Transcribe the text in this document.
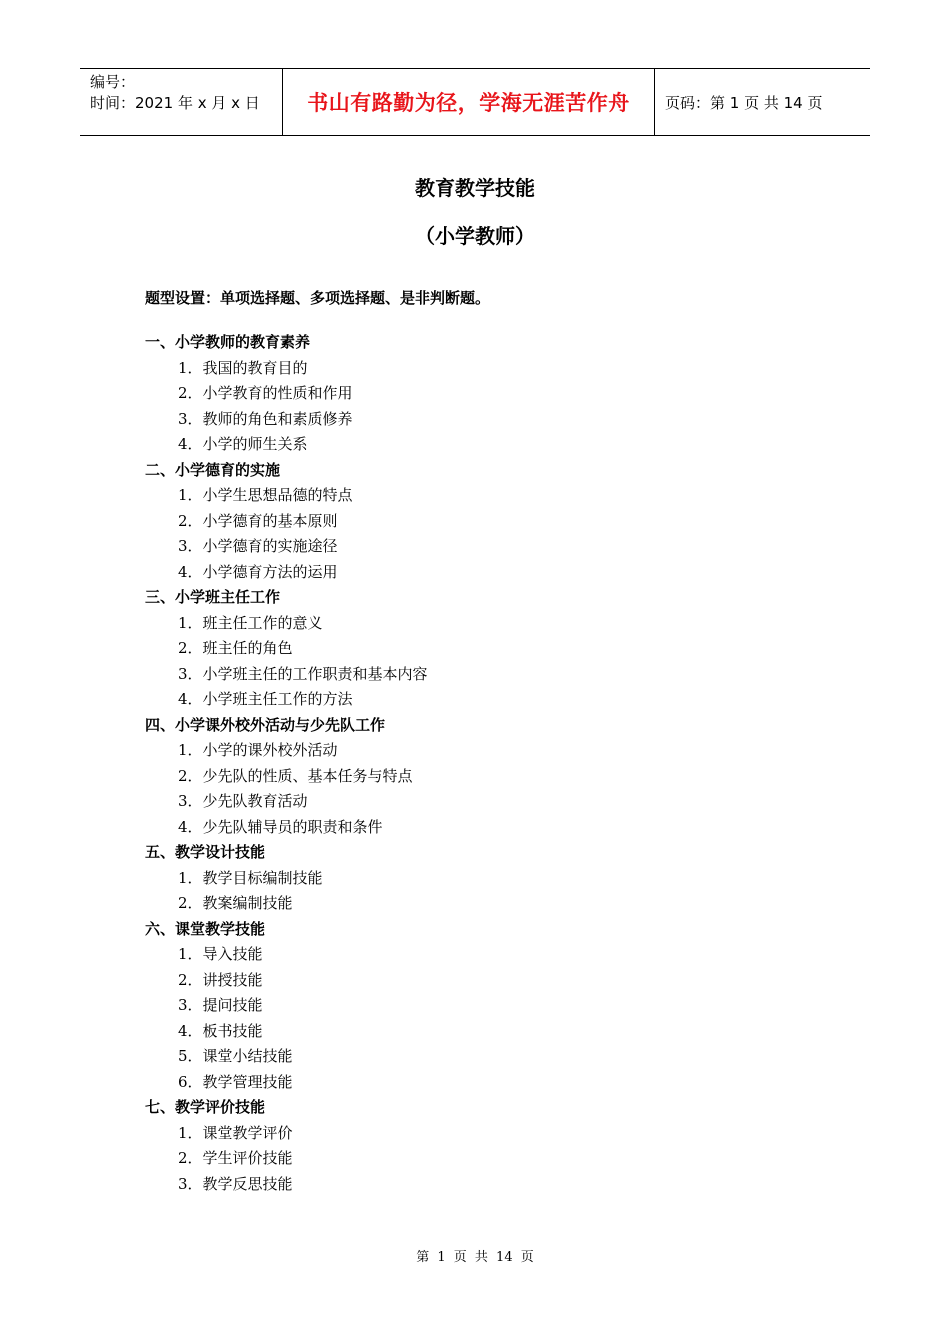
编号：
时间：2021 年 x 月 x 日	书山有路勤为径，学海无涯苦作舟	页码：第 1 页 共 14 页
教育教学技能
（小学教师）
题型设置：单项选择题、多项选择题、是非判断题。
一、小学教师的教育素养
1．我国的教育目的
2．小学教育的性质和作用
3．教师的角色和素质修养
4．小学的师生关系
二、小学德育的实施
1．小学生思想品德的特点
2．小学德育的基本原则
3．小学德育的实施途径
4．小学德育方法的运用
三、小学班主任工作
1．班主任工作的意义
2．班主任的角色
3．小学班主任的工作职责和基本内容
4．小学班主任工作的方法
四、小学课外校外活动与少先队工作
1．小学的课外校外活动
2．少先队的性质、基本任务与特点
3．少先队教育活动
4．少先队辅导员的职责和条件
五、教学设计技能
1．教学目标编制技能
2．教案编制技能
六、课堂教学技能
1．导入技能
2．讲授技能
3．提问技能
4．板书技能
5．课堂小结技能
6．教学管理技能
七、教学评价技能
1．课堂教学评价
2．学生评价技能
3．教学反思技能
第 1 页 共 14 页
